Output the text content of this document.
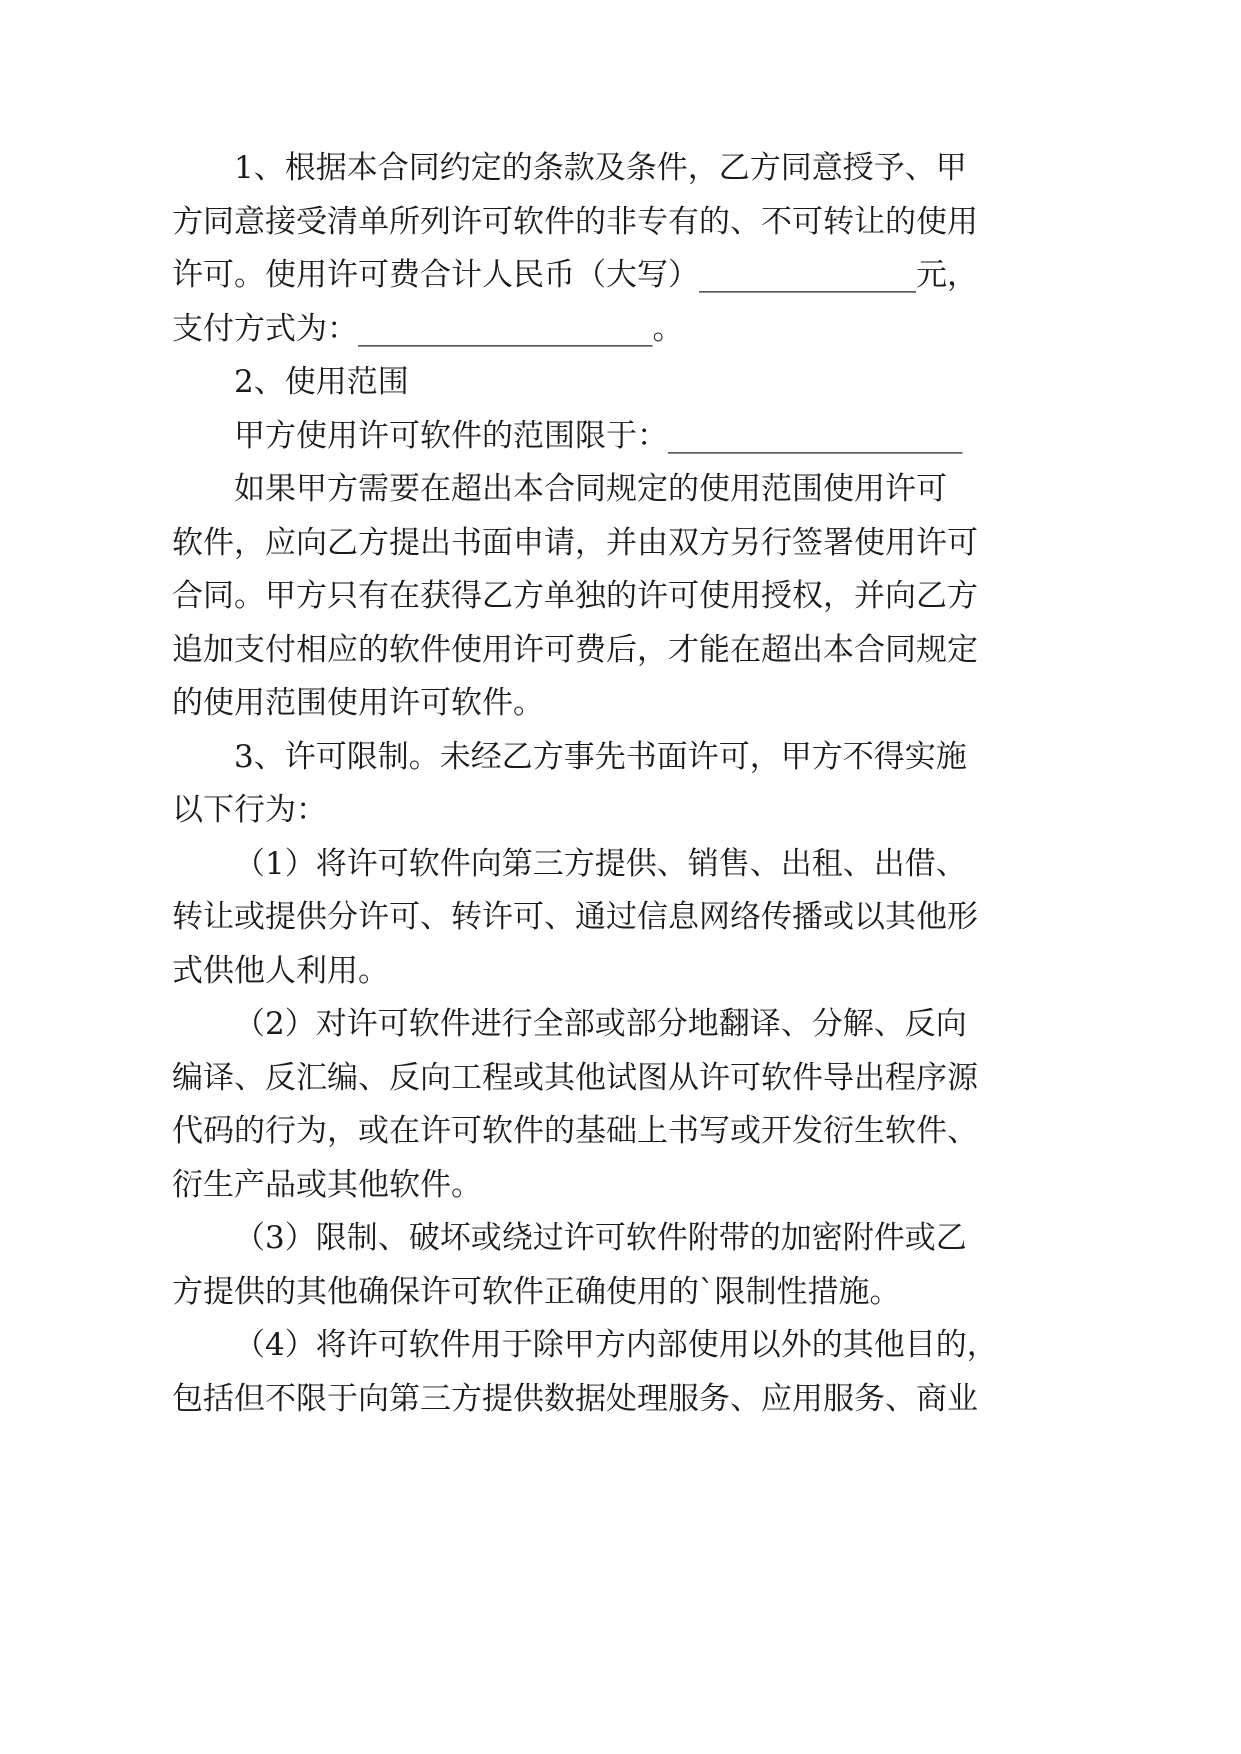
1、根据本合同约定的条款及条件，乙方同意授予、甲
方同意接受清单所列许可软件的非专有的、不可转让的使用
许可。使用许可费合计人民币（大写）______________元，
支付方式为：___________________。
2、使用范围
甲方使用许可软件的范围限于：___________________
如果甲方需要在超出本合同规定的使用范围使用许可
软件，应向乙方提出书面申请，并由双方另行签署使用许可
合同。甲方只有在获得乙方单独的许可使用授权，并向乙方
追加支付相应的软件使用许可费后，才能在超出本合同规定
的使用范围使用许可软件。
3、许可限制。未经乙方事先书面许可，甲方不得实施
以下行为：
（1）将许可软件向第三方提供、销售、出租、出借、
转让或提供分许可、转许可、通过信息网络传播或以其他形
式供他人利用。
（2）对许可软件进行全部或部分地翻译、分解、反向
编译、反汇编、反向工程或其他试图从许可软件导出程序源
代码的行为，或在许可软件的基础上书写或开发衍生软件、
衍生产品或其他软件。
（3）限制、破坏或绕过许可软件附带的加密附件或乙
方提供的其他确保许可软件正确使用的`限制性措施。
（4）将许可软件用于除甲方内部使用以外的其他目的，
包括但不限于向第三方提供数据处理服务、应用服务、商业
